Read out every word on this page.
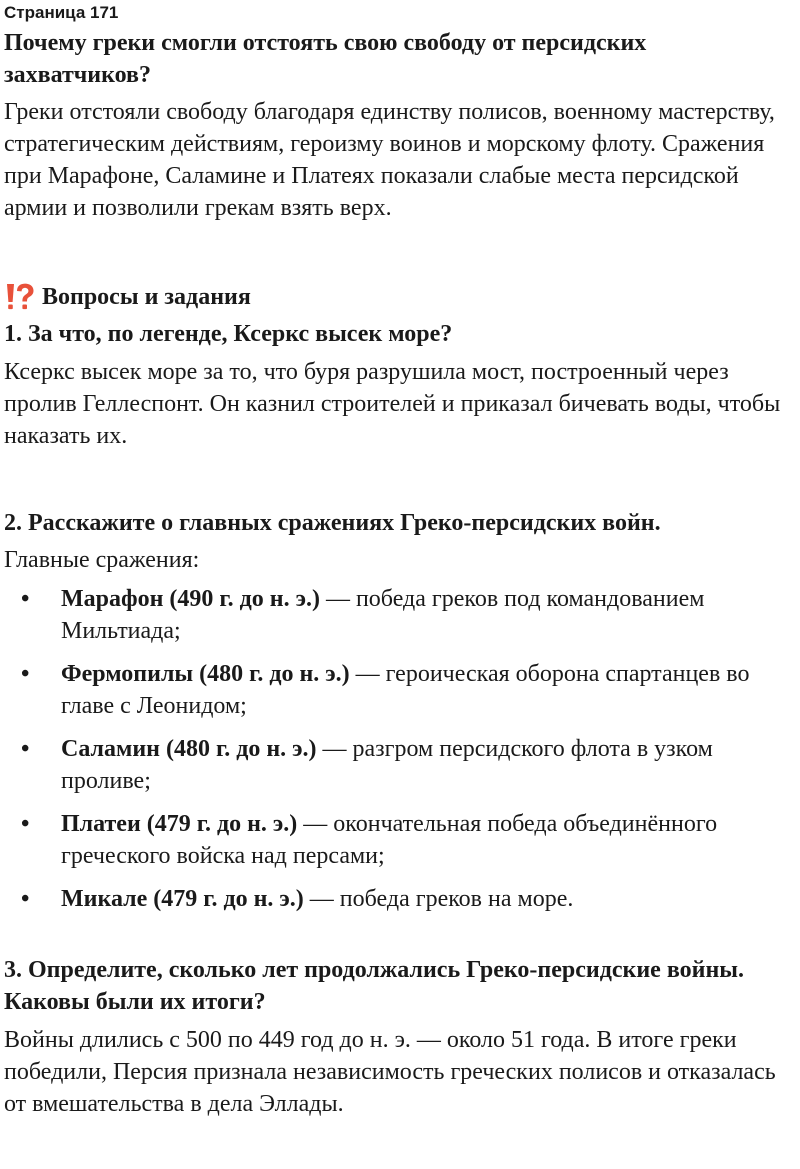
Страница 171
Почему греки смогли отстоять свою свободу от персидских захватчиков?

Греки отстояли свободу благодаря единству полисов, военному мастерству, стратегическим действиям, героизму воинов и морскому флоту. Сражения при Марафоне, Саламине и Платеях показали слабые места персидской армии и позволили грекам взять верх.

Вопросы и задания
1. За что, по легенде, Ксеркс высек море?

Ксеркс высек море за то, что буря разрушила мост, построенный через пролив Геллеспонт. Он казнил строителей и приказал бичевать воды, чтобы наказать их.

2. Расскажите о главных сражениях Греко-персидских войн.

Главные сражения:

• Марафон (490 г. до н. э.) — победа греков под командованием Мильтиада;
• Фермопилы (480 г. до н. э.) — героическая оборона спартанцев во главе с Леонидом;
• Саламин (480 г. до н. э.) — разгром персидского флота в узком проливе;
• Платеи (479 г. до н. э.) — окончательная победа объединённого греческого войска над персами;
• Микале (479 г. до н. э.) — победа греков на море.
3. Определите, сколько лет продолжались Греко-персидские войны. Каковы были их итоги?

Войны длились с 500 по 449 год до н. э. — около 51 года. В итоге греки победили, Персия признала независимость греческих полисов и отказалась от вмешательства в дела Эллады.
